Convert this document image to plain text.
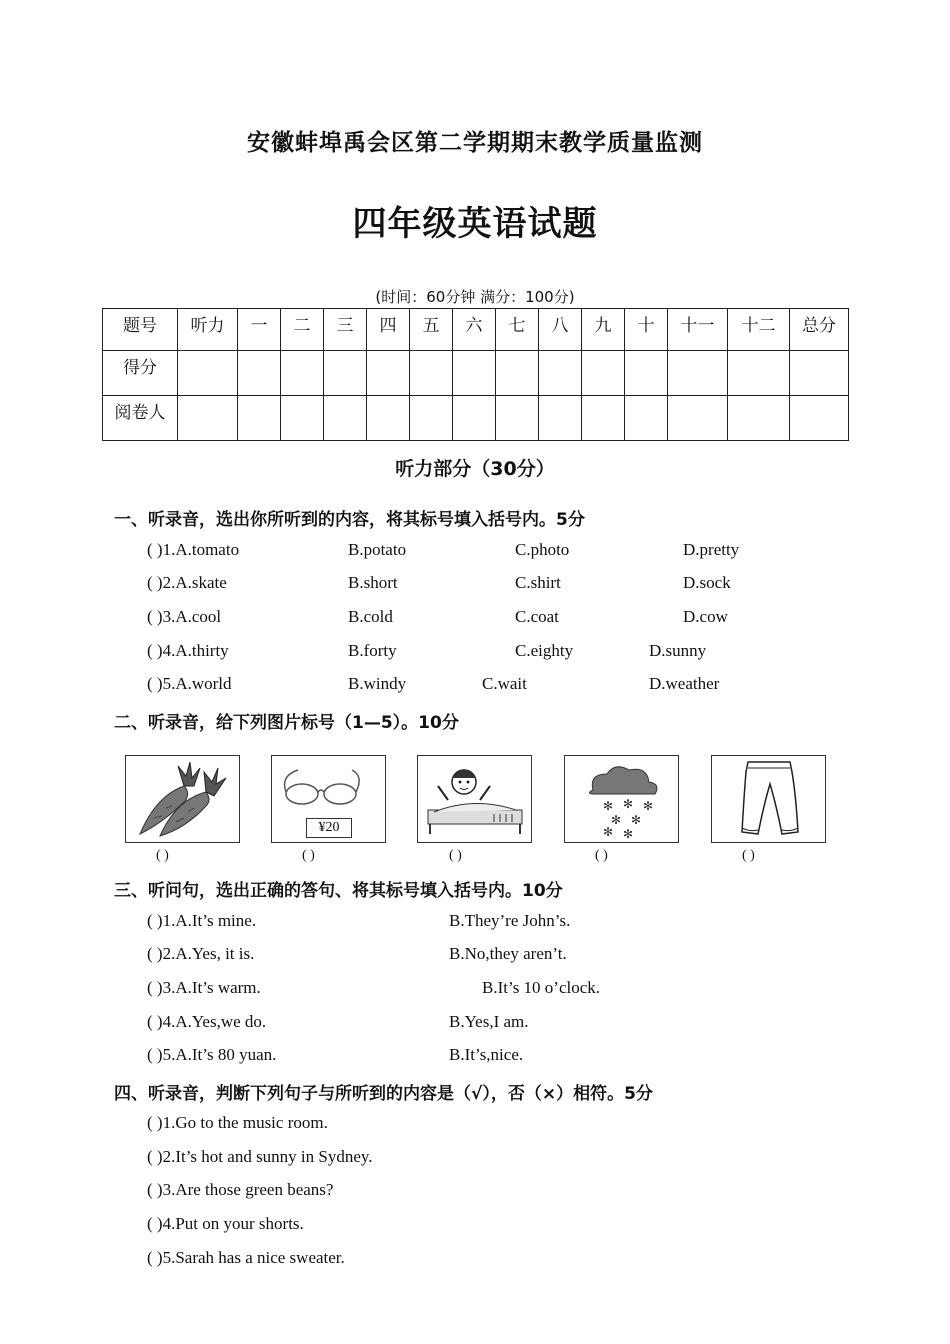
安徽蚌埠禹会区第二学期期末教学质量监测
四年级英语试题
(时间：60分钟 满分：100分)
题号	听力	一	二	三	四	五	六	七	八	九	十	十一	十二	总分
得分														
阅卷人														
听力部分（30分）
一、听录音，选出你所听到的内容，将其标号填入括号内。5分
( )1.A.tomato	B.potato	C.photo	D.pretty
( )2.A.skate	B.short	C.shirt	D.sock
( )3.A.cool	B.cold	C.coat	D.cow
( )4.A.thirty	B.forty	C.eighty	D.sunny
( )5.A.world	B.windy	C.wait	D.weather
二、听录音，给下列图片标号（1—5）。10分
¥20
✻ ✻ ✻
✻ ✻
✻ ✻
( )	( )	( )	( )	( )
三、听问句，选出正确的答句、将其标号填入括号内。10分
( )1.A.It’s mine.	B.They’re John’s.
( )2.A.Yes, it is.	B.No,they aren’t.
( )3.A.It’s warm.	B.It’s 10 o’clock.
( )4.A.Yes,we do.	B.Yes,I am.
( )5.A.It’s 80 yuan.	B.It’s,nice.
四、听录音，判断下列句子与所听到的内容是（√），否（×）相符。5分
( )1.Go to the music room.
( )2.It’s hot and sunny in Sydney.
( )3.Are those green beans?
( )4.Put on your shorts.
( )5.Sarah has a nice sweater.
